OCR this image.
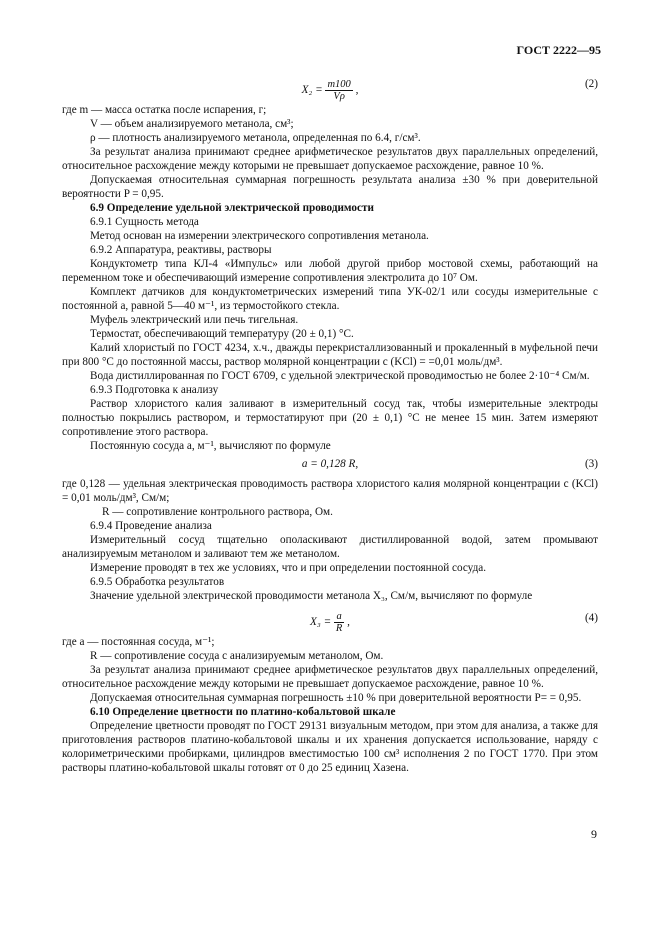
ГОСТ 2222—95
$X_2 = \frac{m100}{V\rho}$ ,
(2)

где m — масса остатка после испарения, г;

V — объем анализируемого метанола, см³;

ρ — плотность анализируемого метанола, определенная по 6.4, г/см³.

За результат анализа принимают среднее арифметическое результатов двух параллельных определений, относительное расхождение между которыми не превышает допускаемое расхождение, равное 10 %.

Допускаемая относительная суммарная погрешность результата анализа ±30 % при доверительной вероятности P = 0,95.

6.9 Определение удельной электрической проводимости

6.9.1 Сущность метода

Метод основан на измерении электрического сопротивления метанола.

6.9.2 Аппаратура, реактивы, растворы

Кондуктометр типа КЛ-4 «Импульс» или любой другой прибор мостовой схемы, работающий на переменном токе и обеспечивающий измерение сопротивления электролита до 10⁷ Ом.

Комплект датчиков для кондуктометрических измерений типа УК-02/1 или сосуды измерительные с постоянной a, равной 5—40 м⁻¹, из термостойкого стекла.

Муфель электрический или печь тигельная.

Термостат, обеспечивающий температуру (20 ± 0,1) °С.

Калий хлористый по ГОСТ 4234, х.ч., дважды перекристаллизованный и прокаленный в муфельной печи при 800 °С до постоянной массы, раствор молярной концентрации c (KCl) = =0,01 моль/дм³.

Вода дистиллированная по ГОСТ 6709, с удельной электрической проводимостью не более 2·10⁻⁴ См/м.

6.9.3 Подготовка к анализу

Раствор хлористого калия заливают в измерительный сосуд так, чтобы измерительные электроды полностью покрылись раствором, и термостатируют при (20 ± 0,1) °С не менее 15 мин. Затем измеряют сопротивление этого раствора.

Постоянную сосуда a, м⁻¹, вычисляют по формуле

a = 0,128 R,	(3)

где 0,128 — удельная электрическая проводимость раствора хлористого калия молярной концентрации c (KCl) = 0,01 моль/дм³, См/м;

R — сопротивление контрольного раствора, Ом.

6.9.4 Проведение анализа

Измерительный сосуд тщательно ополаскивают дистиллированной водой, затем промывают анализируемым метанолом и заливают тем же метанолом.

Измерение проводят в тех же условиях, что и при определении постоянной сосуда.

6.9.5 Обработка результатов

Значение удельной электрической проводимости метанола X₃, См/м, вычисляют по формуле

$X_3 = \frac{a}{R}$ ,	(4)

где a — постоянная сосуда, м⁻¹;

R — сопротивление сосуда с анализируемым метанолом, Ом.

За результат анализа принимают среднее арифметическое результатов двух параллельных определений, относительное расхождение между которыми не превышает допускаемое расхождение, равное 10 %.

Допускаемая относительная суммарная погрешность ±10 % при доверительной вероятности P= = 0,95.

6.10 Определение цветности по платино-кобальтовой шкале

Определение цветности проводят по ГОСТ 29131 визуальным методом, при этом для анализа, а также для приготовления растворов платино-кобальтовой шкалы и их хранения допускается использование, наряду с колориметрическими пробирками, цилиндров вместимостью 100 см³ исполнения 2 по ГОСТ 1770. При этом растворы платино-кобальтовой шкалы готовят от 0 до 25 единиц Хазена.

9
